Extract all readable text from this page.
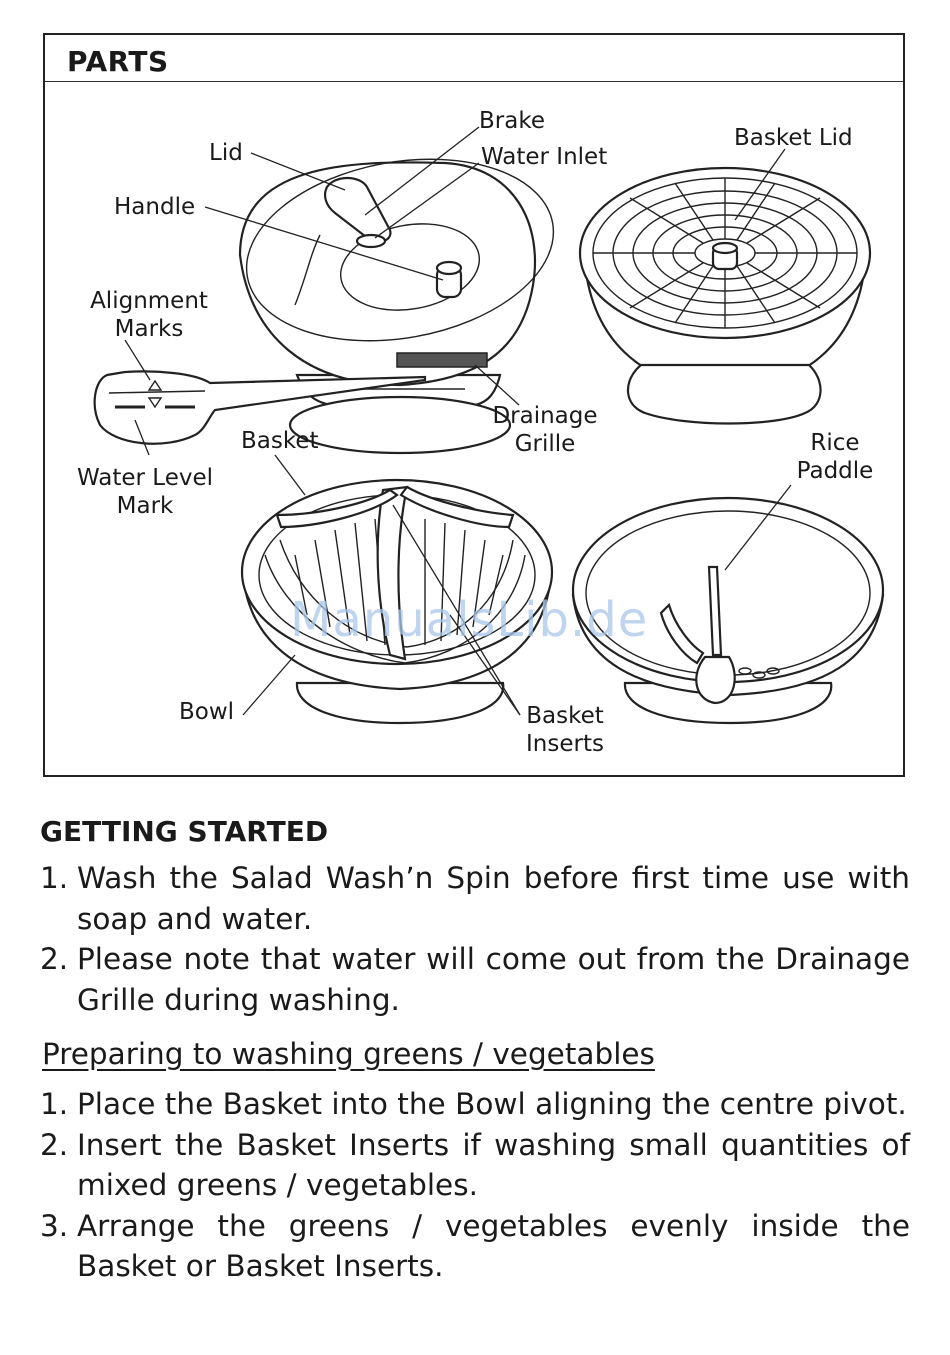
PARTS
Lid
Handle
Brake
Water Inlet
Basket Lid
Alignment
Marks
Drainage
Grille
Basket
Water Level
Mark
Rice
Paddle
Bowl	Basket
Inserts
ManualsLib.de
GETTING STARTED
1. Wash the Salad Wash’n Spin before first time use with soap and water.
2. Please note that water will come out from the Drainage Grille during washing.
Preparing to washing greens / vegetables
1. Place the Basket into the Bowl aligning the centre pivot.
2. Insert the Basket Inserts if washing small quantities of mixed greens / vegetables.
3. Arrange the greens / vegetables evenly inside the Basket or Basket Inserts.
